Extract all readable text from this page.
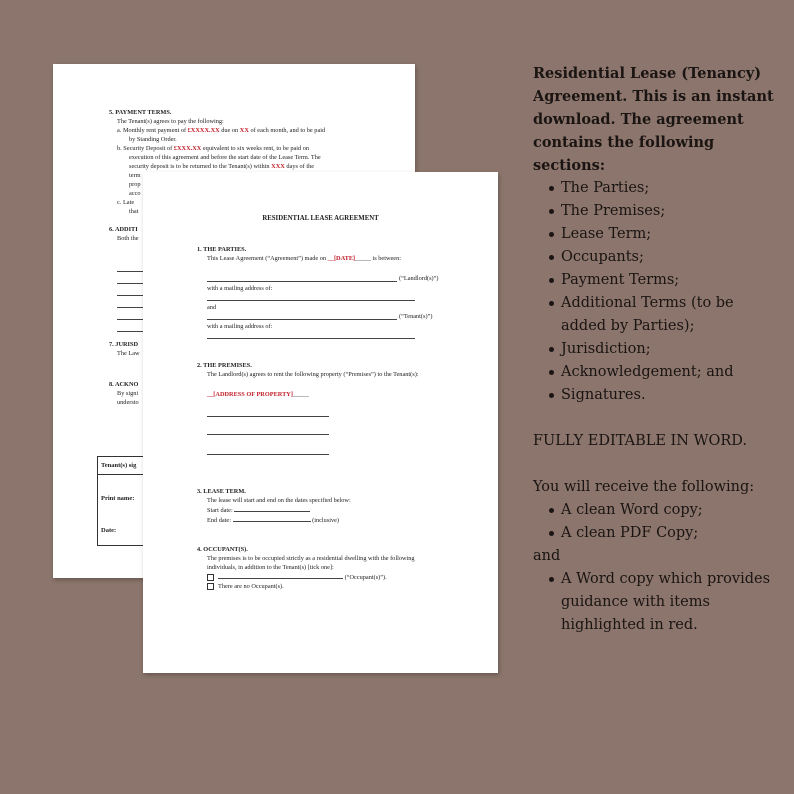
5. PAYMENT TERMS.
The Tenant(s) agrees to pay the following:
a. Monthly rent payment of £XXXX.XX due on XX of each month, and to be paid
by Standing Order.
b. Security Deposit of £XXX.XX equivalent to six weeks rent, to be paid on
execution of this agreement and before the start date of the Lease Term. The
security deposit is to be returned to the Tenant(s) within XXX days of the
term
prop
acco
c. Late
that
6. ADDITI
Both the
7. JURISD
The Law
8. ACKNO
By signi
understo
Tenant(s) sig
Print name:
Date:
RESIDENTIAL LEASE AGREEMENT
1. THE PARTIES.
This Lease Agreement (“Agreement”) made on __[DATE]_____ is between:
(“Landlord(s)”)
with a mailing address of:
and
(“Tenant(s)”)
with a mailing address of:
2. THE PREMISES.
The Landlord(s) agrees to rent the following property (“Premises”) to the Tenant(s):
__[ADDRESS OF PROPERTY]_____
3. LEASE TERM.
The lease will start and end on the dates specified below:
Start date:
End date:	(inclusive)
4. OCCUPANT(S).
The premises is to be occupied strictly as a residential dwelling with the following
individuals, in addition to the Tenant(s) [tick one]:
(“Occupant(s)”).
There are no Occupant(s).
Residential Lease (Tenancy) Agreement. This is an instant download. The agreement contains the following sections:
The Parties;
The Premises;
Lease Term;
Occupants;
Payment Terms;
Additional Terms (to be added by Parties);
Jurisdiction;
Acknowledgement; and
Signatures.
FULLY EDITABLE IN WORD.
You will receive the following:
A clean Word copy;
A clean PDF Copy;
and
A Word copy which provides guidance with items highlighted in red.
